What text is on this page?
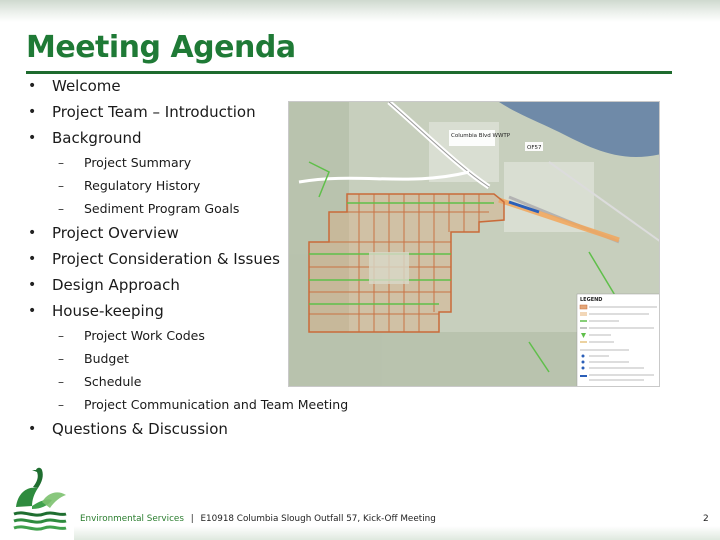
Meeting Agenda
•	Welcome
•	Project Team – Introduction
•	Background
–	Project Summary
–	Regulatory History
–	Sediment Program Goals
•	Project Overview
•	Project Consideration & Issues
•	Design Approach
•	House-keeping
–	Project Work Codes
–	Budget
–	Schedule
–	Project Communication and Team Meeting
•	Questions & Discussion
Columbia Blvd WWTP
OF57
LEGEND
Environmental Services | E10918 Columbia Slough Outfall 57, Kick-Off Meeting	2
